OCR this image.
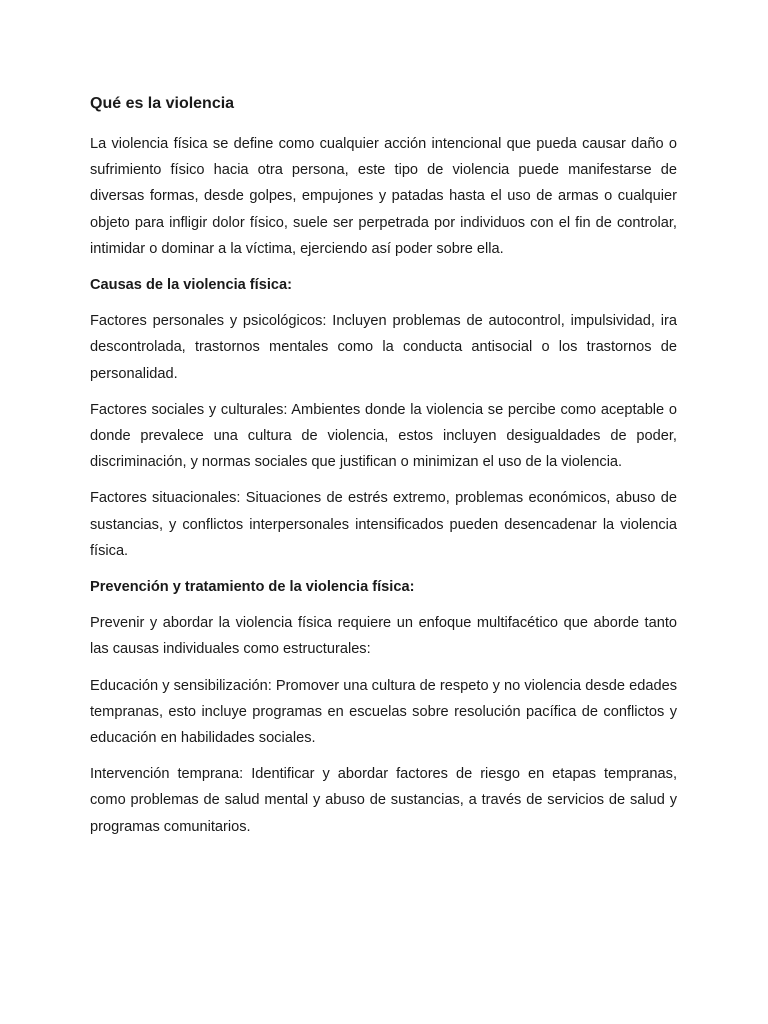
Qué es la violencia

La violencia física se define como cualquier acción intencional que pueda causar daño o sufrimiento físico hacia otra persona, este tipo de violencia puede manifestarse de diversas formas, desde golpes, empujones y patadas hasta el uso de armas o cualquier objeto para infligir dolor físico, suele ser perpetrada por individuos con el fin de controlar, intimidar o dominar a la víctima, ejerciendo así poder sobre ella.

Causas de la violencia física:

Factores personales y psicológicos: Incluyen problemas de autocontrol, impulsividad, ira descontrolada, trastornos mentales como la conducta antisocial o los trastornos de personalidad.

Factores sociales y culturales: Ambientes donde la violencia se percibe como aceptable o donde prevalece una cultura de violencia, estos incluyen desigualdades de poder, discriminación, y normas sociales que justifican o minimizan el uso de la violencia.

Factores situacionales: Situaciones de estrés extremo, problemas económicos, abuso de sustancias, y conflictos interpersonales intensificados pueden desencadenar la violencia física.

Prevención y tratamiento de la violencia física:

Prevenir y abordar la violencia física requiere un enfoque multifacético que aborde tanto las causas individuales como estructurales:

Educación y sensibilización: Promover una cultura de respeto y no violencia desde edades tempranas, esto incluye programas en escuelas sobre resolución pacífica de conflictos y educación en habilidades sociales.

Intervención temprana: Identificar y abordar factores de riesgo en etapas tempranas, como problemas de salud mental y abuso de sustancias, a través de servicios de salud y programas comunitarios.
